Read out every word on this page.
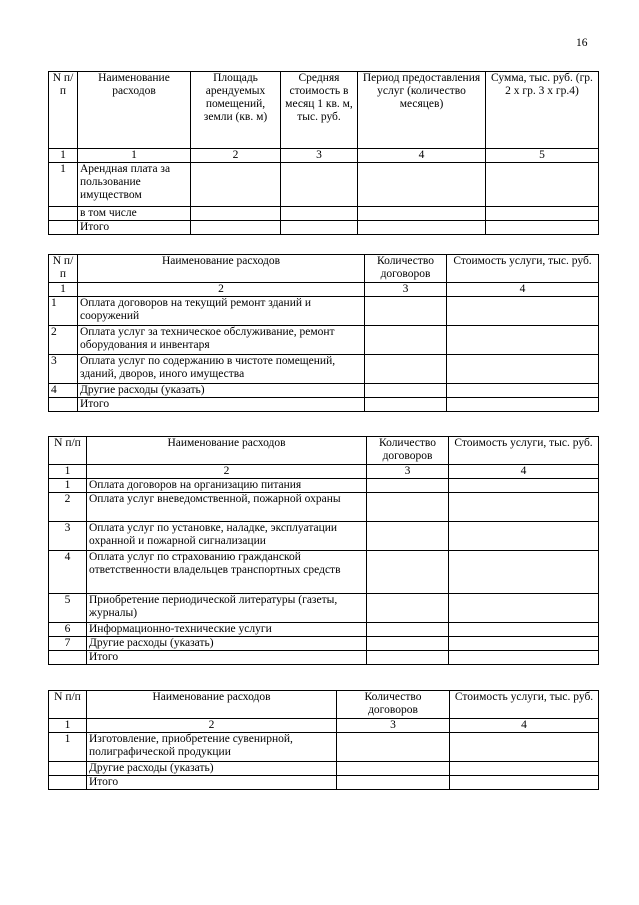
16
N п/п	Наименование расходов	Площадь арендуемых помещений, земли (кв. м)	Средняя стоимость в месяц 1 кв. м, тыс. руб.	Период предоставления услуг (количество месяцев)	Сумма, тыс. руб. (гр. 2 х гр. 3 х гр.4)
1	1	2	3	4	5
1	Арендная плата за пользование имуществом				
	в том числе				
	Итого				
N п/п	Наименование расходов	Количество договоров	Стоимость услуги, тыс. руб.
1	2	3	4
1	Оплата договоров на текущий ремонт зданий и сооружений		
2	Оплата услуг за техническое обслуживание, ремонт оборудования и инвентаря		
3	Оплата услуг по содержанию в чистоте помещений, зданий, дворов, иного имущества		
4	Другие расходы (указать)		
	Итого		
N п/п	Наименование расходов	Количество договоров	Стоимость услуги, тыс. руб.
1	2	3	4
1	Оплата договоров на организацию питания		
2	Оплата услуг вневедомственной, пожарной охраны		
3	Оплата услуг по установке, наладке, эксплуатации охранной и пожарной сигнализации		
4	Оплата услуг по страхованию гражданской ответственности владельцев транспортных средств		
5	Приобретение периодической литературы (газеты, журналы)		
6	Информационно-технические услуги		
7	Другие расходы (указать)		
	Итого		
N п/п	Наименование расходов	Количество договоров	Стоимость услуги, тыс. руб.
1	2	3	4
1	Изготовление, приобретение сувенирной, полиграфической продукции		
	Другие расходы (указать)		
	Итого		
